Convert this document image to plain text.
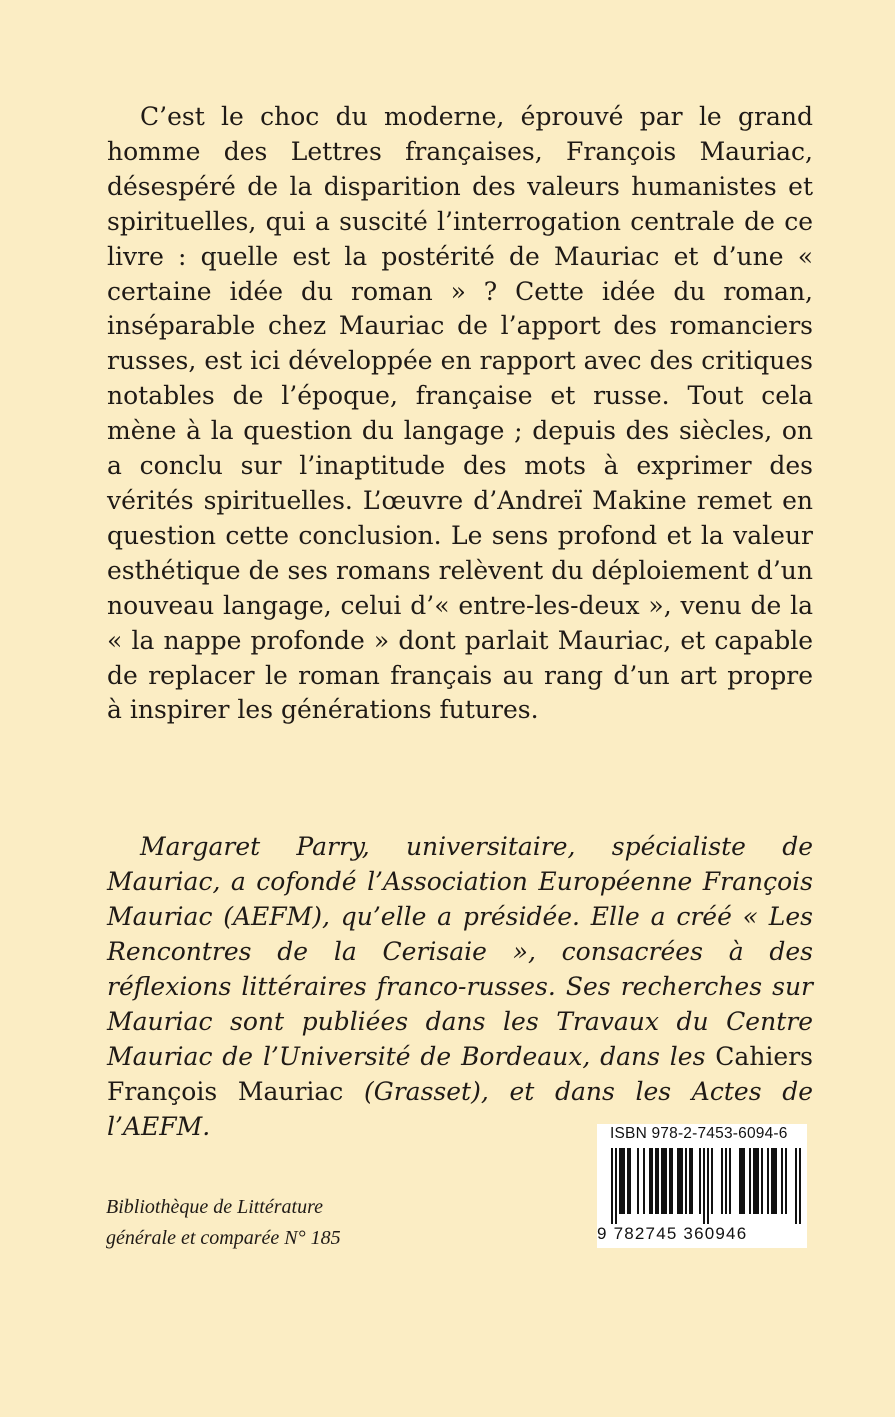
C’est le choc du moderne, éprouvé par le grand homme des Lettres françaises, François Mauriac, désespéré de la disparition des valeurs humanistes et spirituelles, qui a suscité l’interrogation centrale de ce livre : quelle est la postérité de Mauriac et d’une « certaine idée du roman » ? Cette idée du roman, inséparable chez Mauriac de l’apport des romanciers russes, est ici développée en rapport avec des critiques notables de l’époque, française et russe. Tout cela mène à la question du langage ; depuis des siècles, on a conclu sur l’inaptitude des mots à exprimer des vérités spirituelles. L’œuvre d’Andreï Makine remet en question cette conclusion. Le sens profond et la valeur esthétique de ses romans relèvent du déploiement d’un nouveau langage, celui d’« entre-les-deux », venu de la « la nappe profonde » dont parlait Mauriac, et capable de replacer le roman français au rang d’un art propre à inspirer les générations futures.

Margaret Parry, universitaire, spécialiste de Mauriac, a cofondé l’Association Européenne François Mauriac (AEFM), qu’elle a présidée. Elle a créé « Les Rencontres de la Cerisaie », consacrées à des réflexions littéraires franco-russes. Ses recherches sur Mauriac sont publiées dans les Travaux du Centre Mauriac de l’Université de Bordeaux, dans les Cahiers François Mauriac (Grasset), et dans les Actes de l’AEFM.

Bibliothèque de Littérature
générale et comparée N° 185
ISBN 978-2-7453-6094-6
9 782745 360946
